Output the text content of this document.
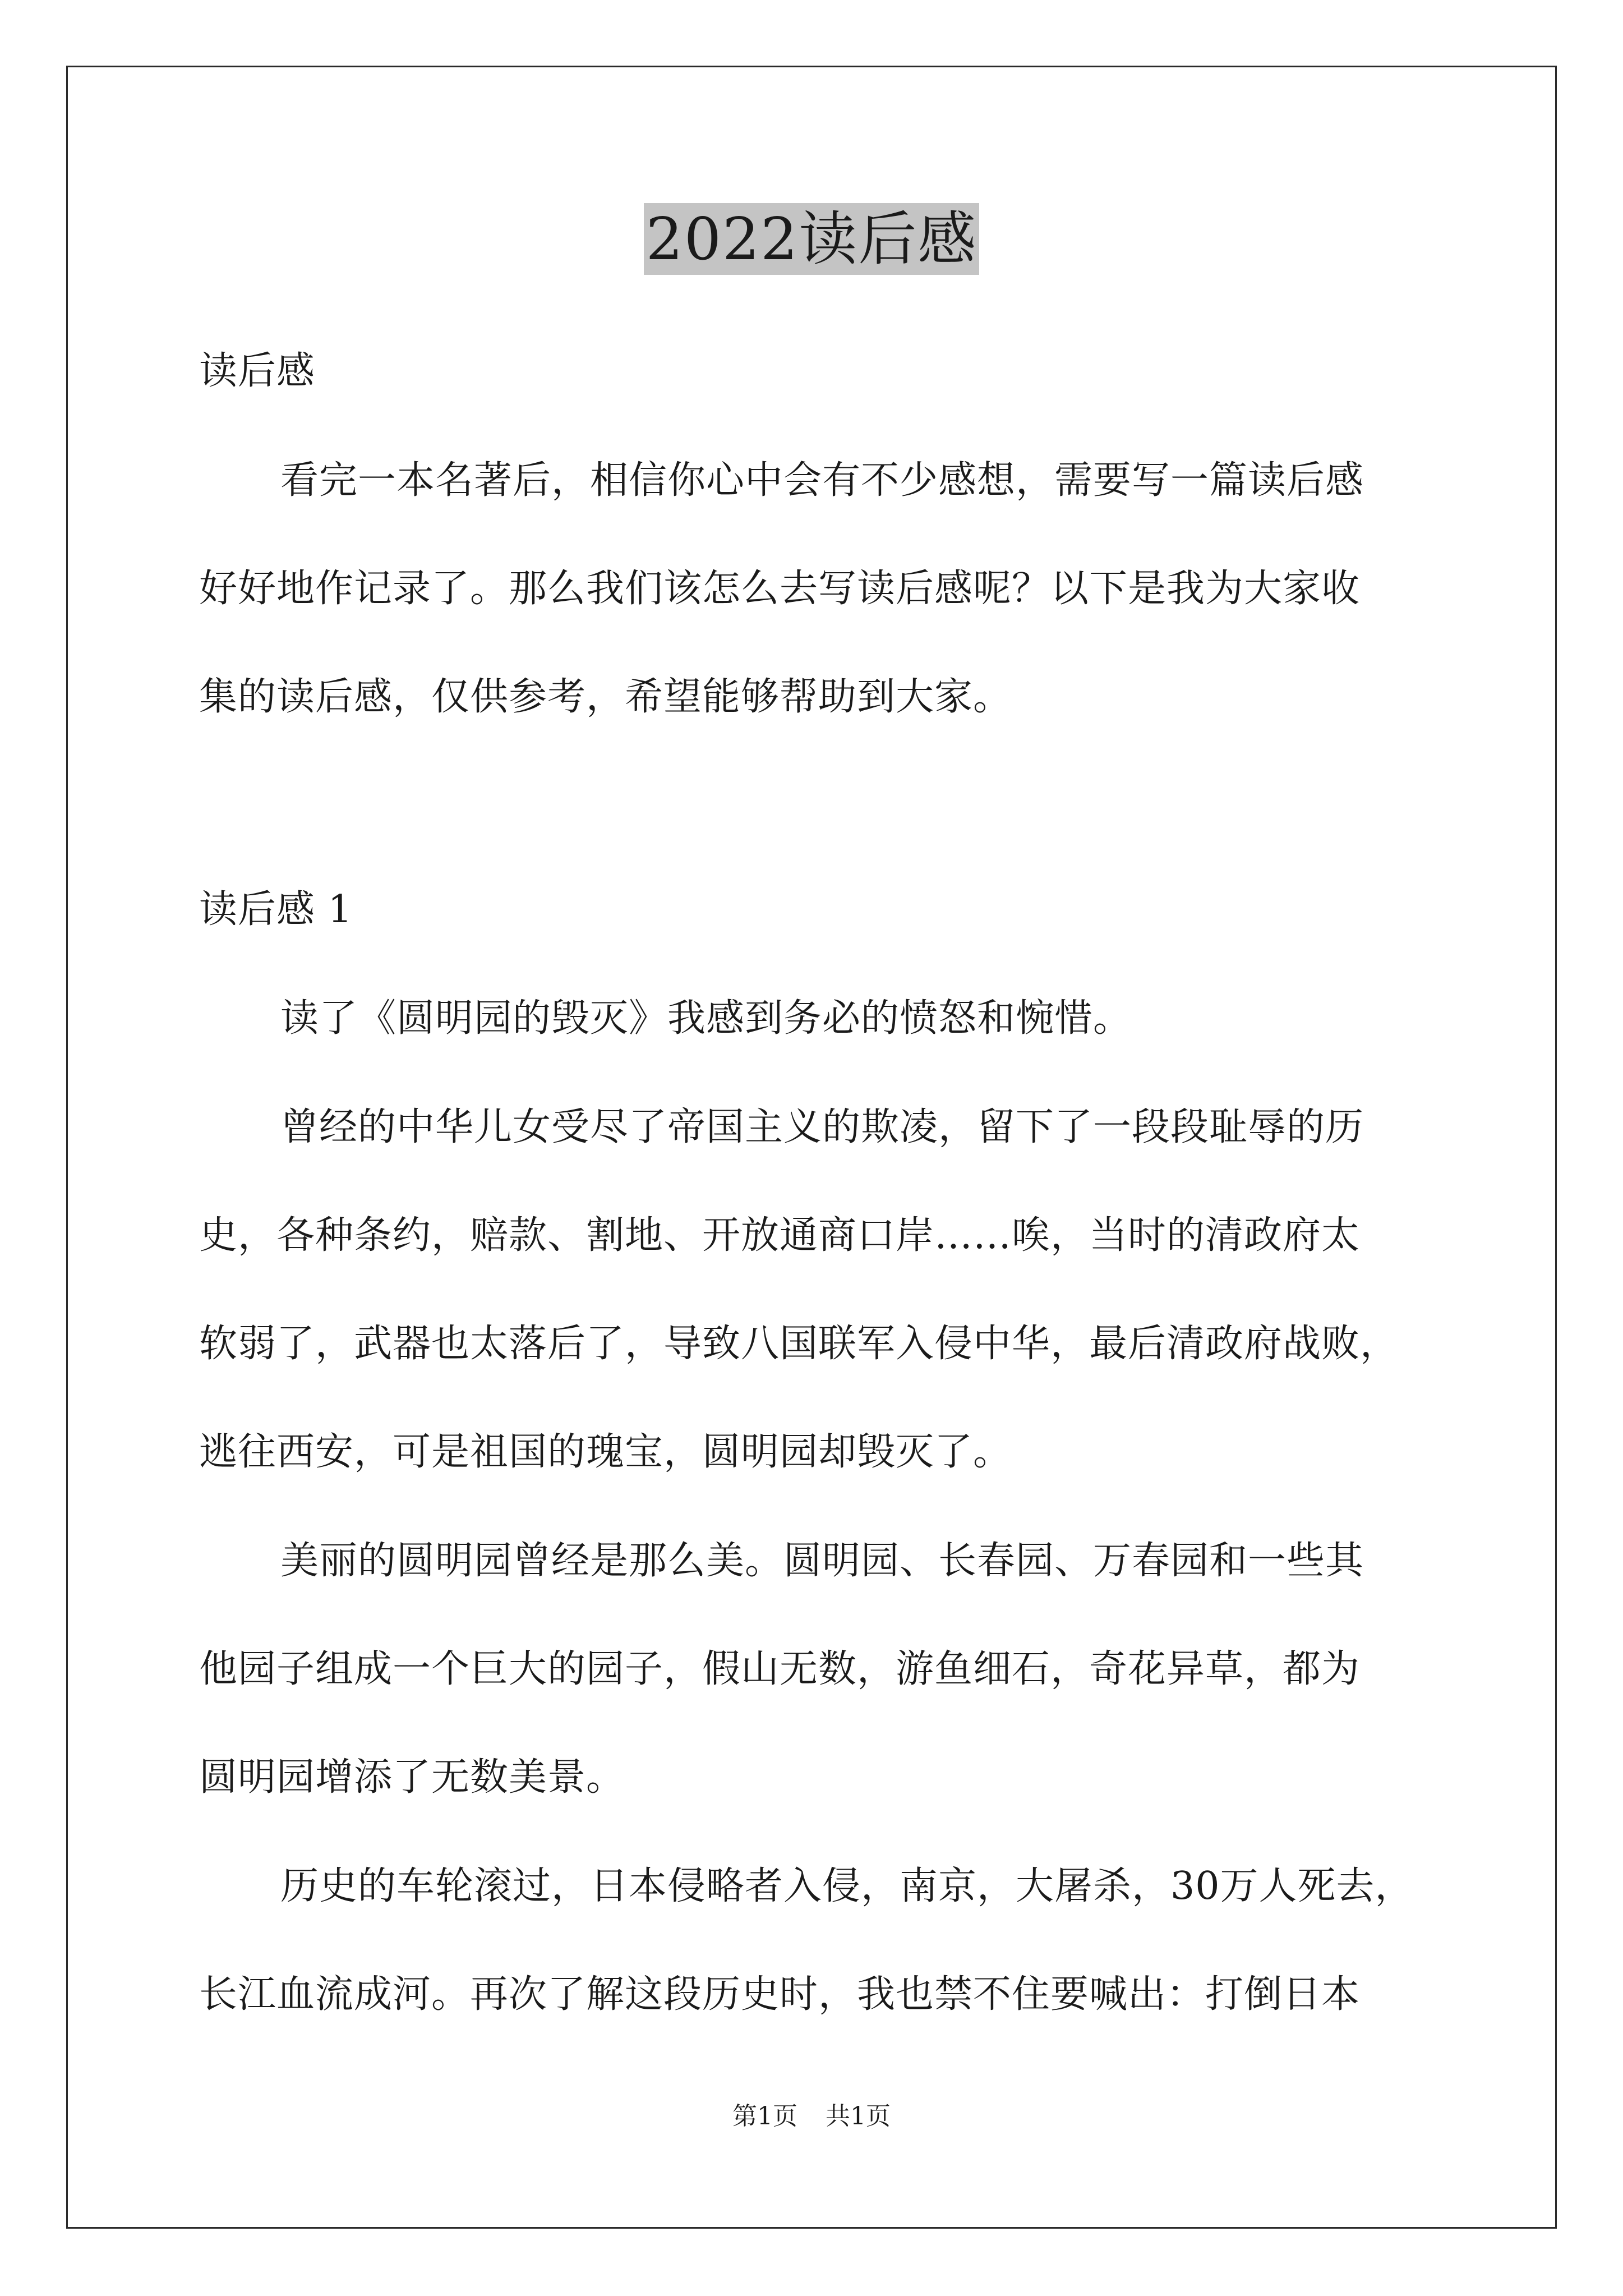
2022读后感
读后感
看完一本名著后，相信你心中会有不少感想，需要写一篇读后感
好好地作记录了。那么我们该怎么去写读后感呢？以下是我为大家收
集的读后感，仅供参考，希望能够帮助到大家。
读后感 1
读了《圆明园的毁灭》我感到务必的愤怒和惋惜。
曾经的中华儿女受尽了帝国主义的欺凌，留下了一段段耻辱的历
史，各种条约，赔款、割地、开放通商口岸……唉，当时的清政府太
软弱了，武器也太落后了，导致八国联军入侵中华，最后清政府战败，
逃往西安，可是祖国的瑰宝，圆明园却毁灭了。
美丽的圆明园曾经是那么美。圆明园、长春园、万春园和一些其
他园子组成一个巨大的园子，假山无数，游鱼细石，奇花异草，都为
圆明园增添了无数美景。
历史的车轮滚过，日本侵略者入侵，南京，大屠杀，30万人死去，
长江血流成河。再次了解这段历史时，我也禁不住要喊出：打倒日本
第1页 共1页
